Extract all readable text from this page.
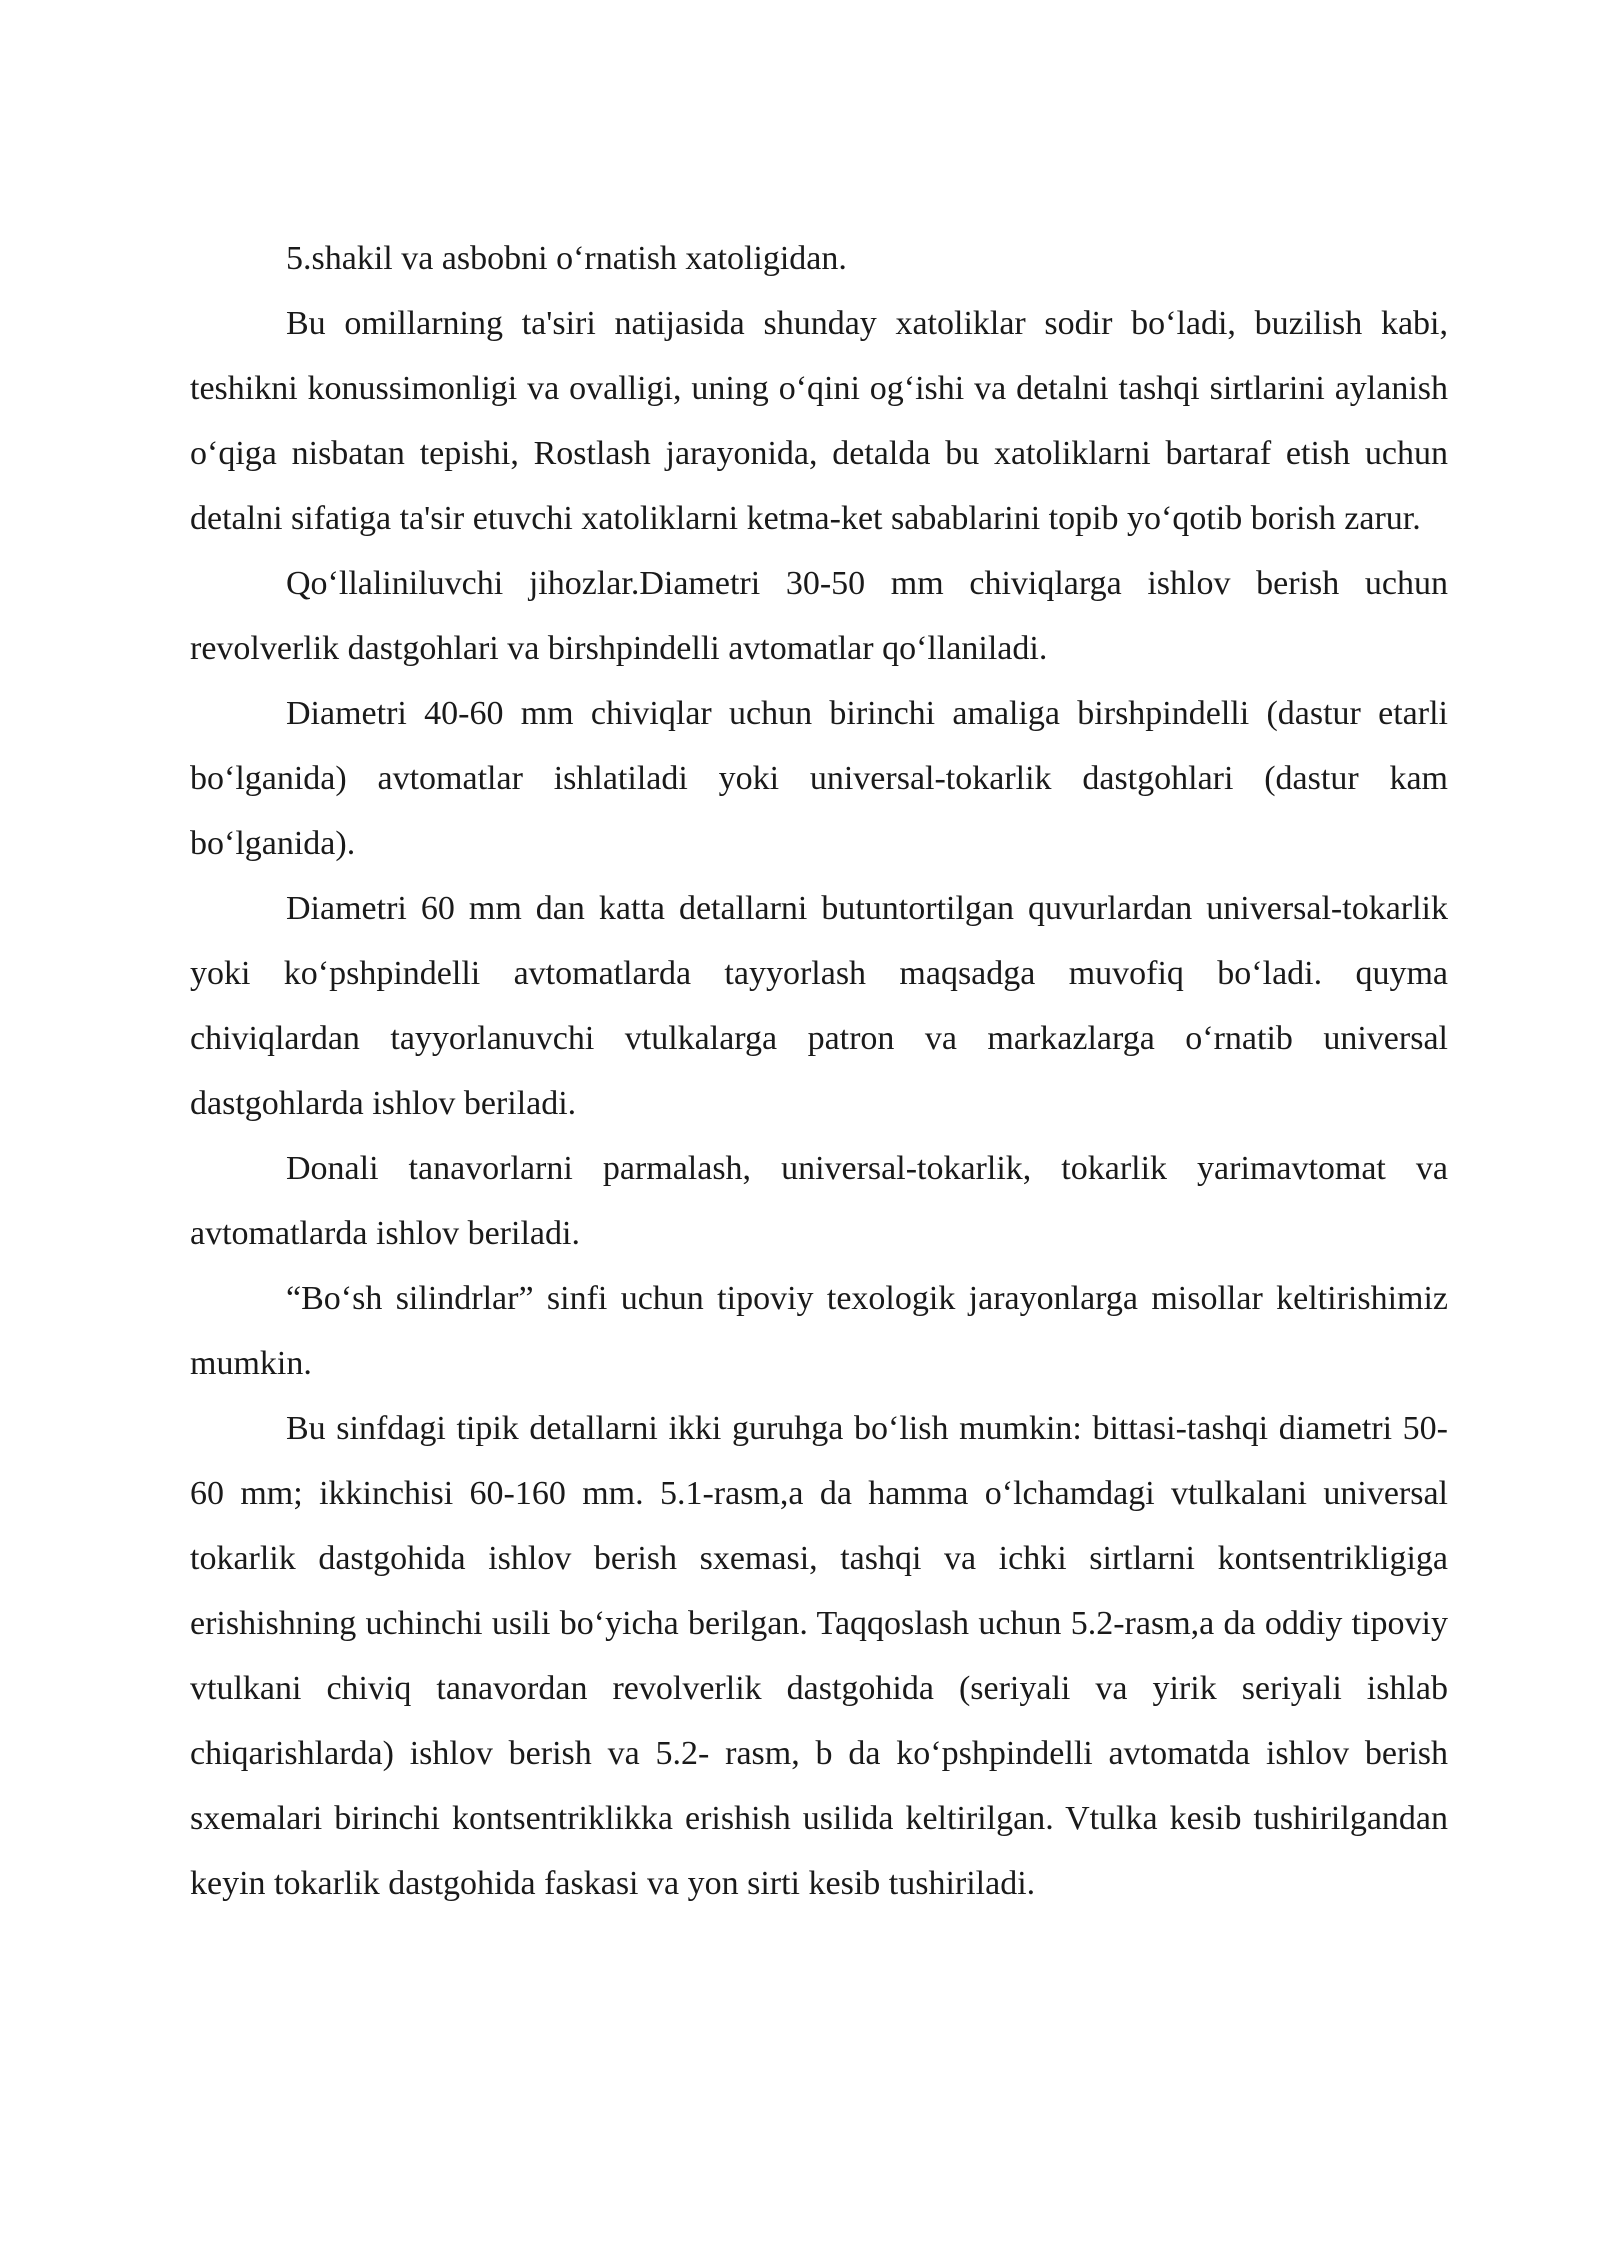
5.shakil va asbobni o‘rnatish xatoligidan.

Bu omillarning ta'siri natijasida shunday xatoliklar sodir bo‘ladi, buzilish kabi, teshikni konussimonligi va ovalligi, uning o‘qini og‘ishi va detalni tashqi sirtlarini aylanish o‘qiga nisbatan tepishi, Rostlash jarayonida, detalda bu xatoliklarni bartaraf etish uchun detalni sifatiga ta'sir etuvchi xatoliklarni ketma-ket sabablarini topib yo‘qotib borish zarur.

Qo‘llaliniluvchi jihozlar.Diametri 30-50 mm chiviqlarga ishlov berish uchun revolverlik dastgohlari va birshpindelli avtomatlar qo‘llaniladi.

Diametri 40-60 mm chiviqlar uchun birinchi amaliga birshpindelli (dastur etarli bo‘lganida) avtomatlar ishlatiladi yoki universal-tokarlik dastgohlari (dastur kam bo‘lganida).

Diametri 60 mm dan katta detallarni butuntortilgan quvurlardan universal-tokarlik yoki ko‘pshpindelli avtomatlarda tayyorlash maqsadga muvofiq bo‘ladi. quyma chiviqlardan tayyorlanuvchi vtulkalarga patron va markazlarga o‘rnatib universal dastgohlarda ishlov beriladi.

Donali tanavorlarni parmalash, universal-tokarlik, tokarlik yarimavtomat va avtomatlarda ishlov beriladi.

“Bo‘sh silindrlar” sinfi uchun tipoviy texologik jarayonlarga misollar keltirishimiz mumkin.

Bu sinfdagi tipik detallarni ikki guruhga bo‘lish mumkin: bittasi-tashqi diametri 50-60 mm; ikkinchisi 60-160 mm. 5.1-rasm,a da hamma o‘lchamdagi vtulkalani universal tokarlik dastgohida ishlov berish sxemasi, tashqi va ichki sirtlarni kontsentrikligiga erishishning uchinchi usili bo‘yicha berilgan. Taqqoslash uchun 5.2-rasm,a da oddiy tipoviy vtulkani chiviq tanavordan revolverlik dastgohida (seriyali va yirik seriyali ishlab chiqarishlarda) ishlov berish va 5.2- rasm, b da ko‘pshpindelli avtomatda ishlov berish sxemalari birinchi kontsentriklikka erishish usilida keltirilgan. Vtulka kesib tushirilgandan keyin tokarlik dastgohida faskasi va yon sirti kesib tushiriladi.
